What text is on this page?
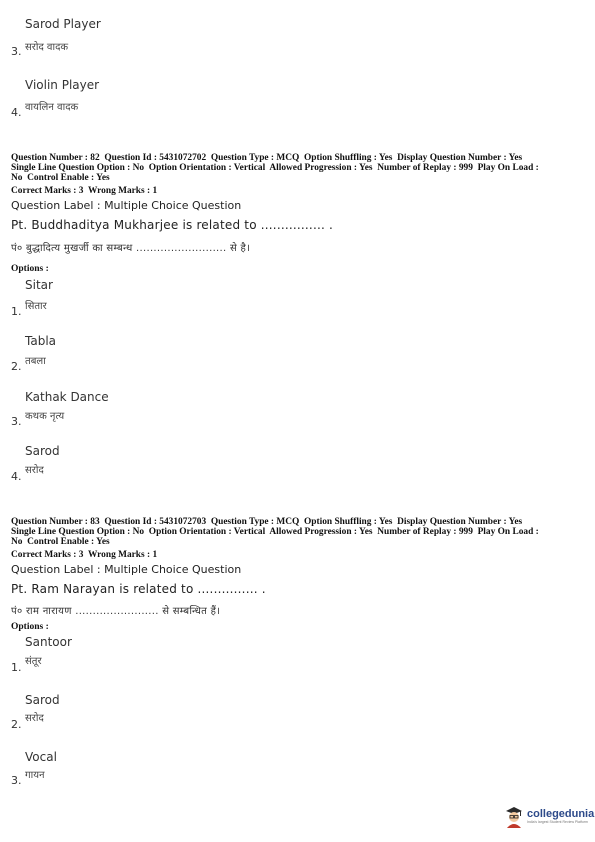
Sarod Player
3. सरोद वादक
Violin Player
4. वायलिन वादक
Question Number : 82  Question Id : 5431072702  Question Type : MCQ  Option Shuffling : Yes  Display Question Number : Yes
Single Line Question Option : No  Option Orientation : Vertical  Allowed Progression : Yes  Number of Replay : 999  Play On Load :
No  Control Enable : Yes
Correct Marks : 3  Wrong Marks : 1
Question Label : Multiple Choice Question
Pt. Buddhaditya Mukharjee is related to ................ .
पं० बुद्धादित्य मुखर्जी का सम्बन्ध .......................... से है।
Options :
Sitar
1. सितार
Tabla
2. तबला
Kathak Dance
3. कथक नृत्य
Sarod
4. सरोद
Question Number : 83  Question Id : 5431072703  Question Type : MCQ  Option Shuffling : Yes  Display Question Number : Yes
Single Line Question Option : No  Option Orientation : Vertical  Allowed Progression : Yes  Number of Replay : 999  Play On Load :
No  Control Enable : Yes
Correct Marks : 3  Wrong Marks : 1
Question Label : Multiple Choice Question
Pt. Ram Narayan is related to ............... .
पं० राम नारायण ........................ से सम्बन्धित हैं।
Options :
Santoor
1. संतूर
Sarod
2. सरोद
Vocal
3. गायन
collegedunia
India's largest Student Review Platform
